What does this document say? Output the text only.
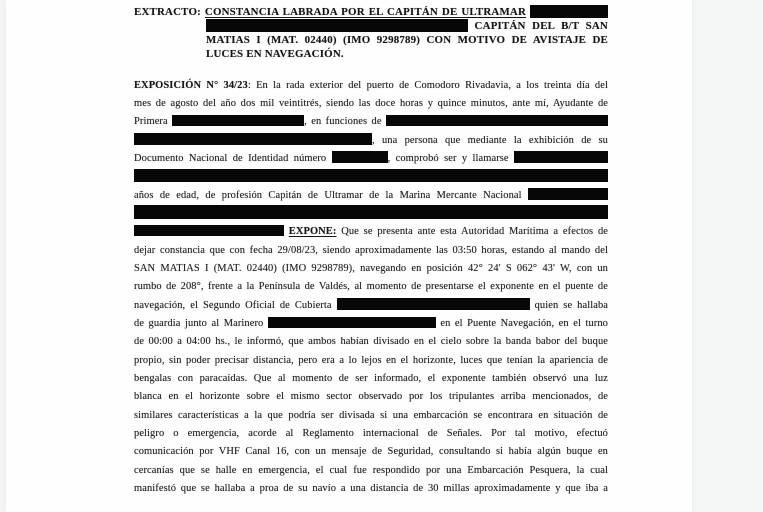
EXTRACTO: CONSTANCIA LABRADA POR EL CAPITÁN DE ULTRAMAR
CAPITÁN DEL B/T SAN
MATIAS I (MAT. 02440) (IMO 9298789) CON MOTIVO DE AVISTAJE DE
LUCES EN NAVEGACIÓN.
EXPOSICIÓN N° 34/23: En la rada exterior del puerto de Comodoro Rivadavia, a los treinta día del
mes de agosto del año dos mil veintitrés, siendo las doce horas y quince minutos, ante mí, Ayudante de
Primera	, en funciones de
, una persona que mediante la exhibición de su
Documento Nacional de Identidad número	, comprobó ser y llamarse
años de edad, de profesión Capitán de Ultramar de la Marina Mercante Nacional
EXPONE: Que se presenta ante esta Autoridad Marítima a efectos de
dejar constancia que con fecha 29/08/23, siendo aproximadamente las 03:50 horas, estando al mando del
SAN MATIAS I (MAT. 02440) (IMO 9298789), navegando en posición 42° 24' S 062° 43' W, con un
rumbo de 208°, frente a la Península de Valdés, al momento de presentarse el exponente en el puente de
navegación, el Segundo Oficial de Cubierta	quien se hallaba
de guardia junto al Marinero	en el Puente Navegación, en el turno
de 00:00 a 04:00 hs., le informó, que ambos habían divisado en el cielo sobre la banda babor del buque
propio, sin poder precisar distancia, pero era a lo lejos en el horizonte, luces que tenían la apariencia de
bengalas con paracaídas. Que al momento de ser informado, el exponente también observó una luz
blanca en el horizonte sobre el mismo sector observado por los tripulantes arriba mencionados, de
similares características a la que podría ser divisada si una embarcación se encontrara en situación de
peligro o emergencia, acorde al Reglamento internacional de Señales. Por tal motivo, efectuó
comunicación por VHF Canal 16, con un mensaje de Seguridad, consultando si había algún buque en
cercanías que se halle en emergencia, el cual fue respondido por una Embarcación Pesquera, la cual
manifestó que se hallaba a proa de su navío a una distancia de 30 millas aproximadamente y que iba a
